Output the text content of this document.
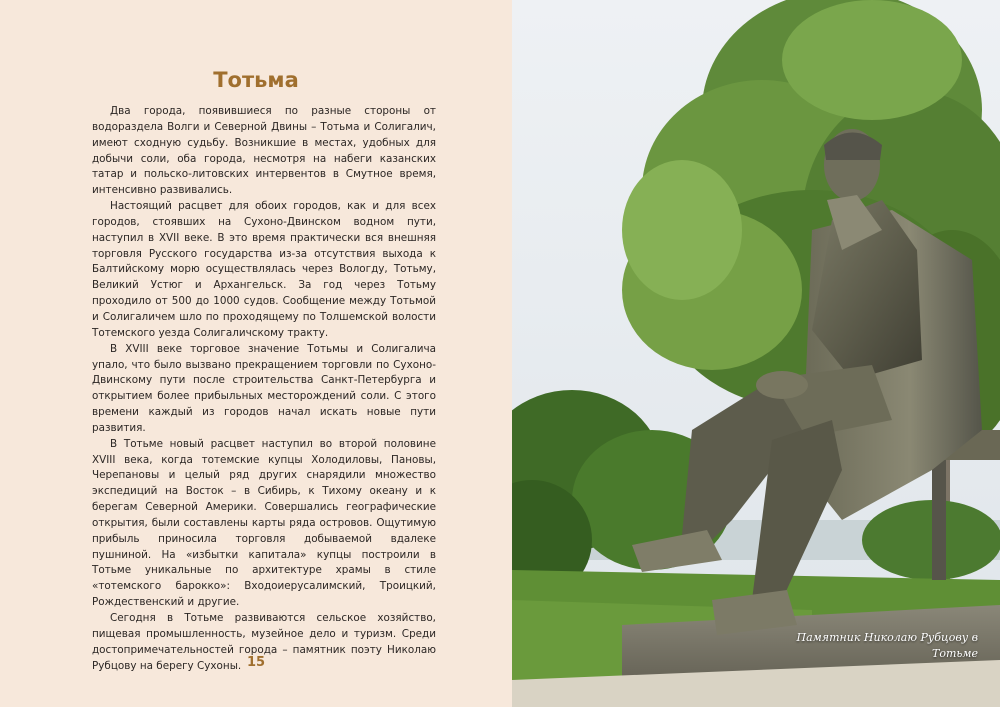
Тотьма

Два города, появившиеся по разные стороны от водораздела Волги и Северной Двины – Тотьма и Солигалич, имеют сходную судьбу. Возникшие в местах, удобных для добычи соли, оба города, несмотря на набеги казанских татар и польско-литовских интервентов в Смутное время, интенсивно развивались.

Настоящий расцвет для обоих городов, как и для всех городов, стоявших на Сухоно-Двинском водном пути, наступил в XVII веке. В это время практически вся внешняя торговля Русского государства из-за отсутствия выхода к Балтийскому морю осуществлялась через Вологду, Тотьму, Великий Устюг и Архангельск. За год через Тотьму проходило от 500 до 1000 судов. Сообщение между Тотьмой и Солигаличем шло по проходящему по Толшемской волости Тотемского уезда Солигаличскому тракту.

В XVIII веке торговое значение Тотьмы и Солигалича упало, что было вызвано прекращением торговли по Сухоно-Двинскому пути после строительства Санкт-Петербурга и открытием более прибыльных месторождений соли. С этого времени каждый из городов начал искать новые пути развития.

В Тотьме новый расцвет наступил во второй половине XVIII века, когда тотемские купцы Холодиловы, Пановы, Черепановы и целый ряд других снарядили множество экспедиций на Восток – в Сибирь, к Тихому океану и к берегам Северной Америки. Совершались географические открытия, были составлены карты ряда островов. Ощутимую прибыль приносила торговля добываемой вдалеке пушниной. На «избытки капитала» купцы построили в Тотьме уникальные по архитектуре храмы в стиле «тотемского барокко»: Входоиерусалимский, Троицкий, Рождественский и другие.

Сегодня в Тотьме развиваются сельское хозяйство, пищевая промышленность, музейное дело и туризм. Среди достопримечательностей города – памятник поэту Николаю Рубцову на берегу Сухоны. 15
Памятник Николаю Рубцову в Тотьме
